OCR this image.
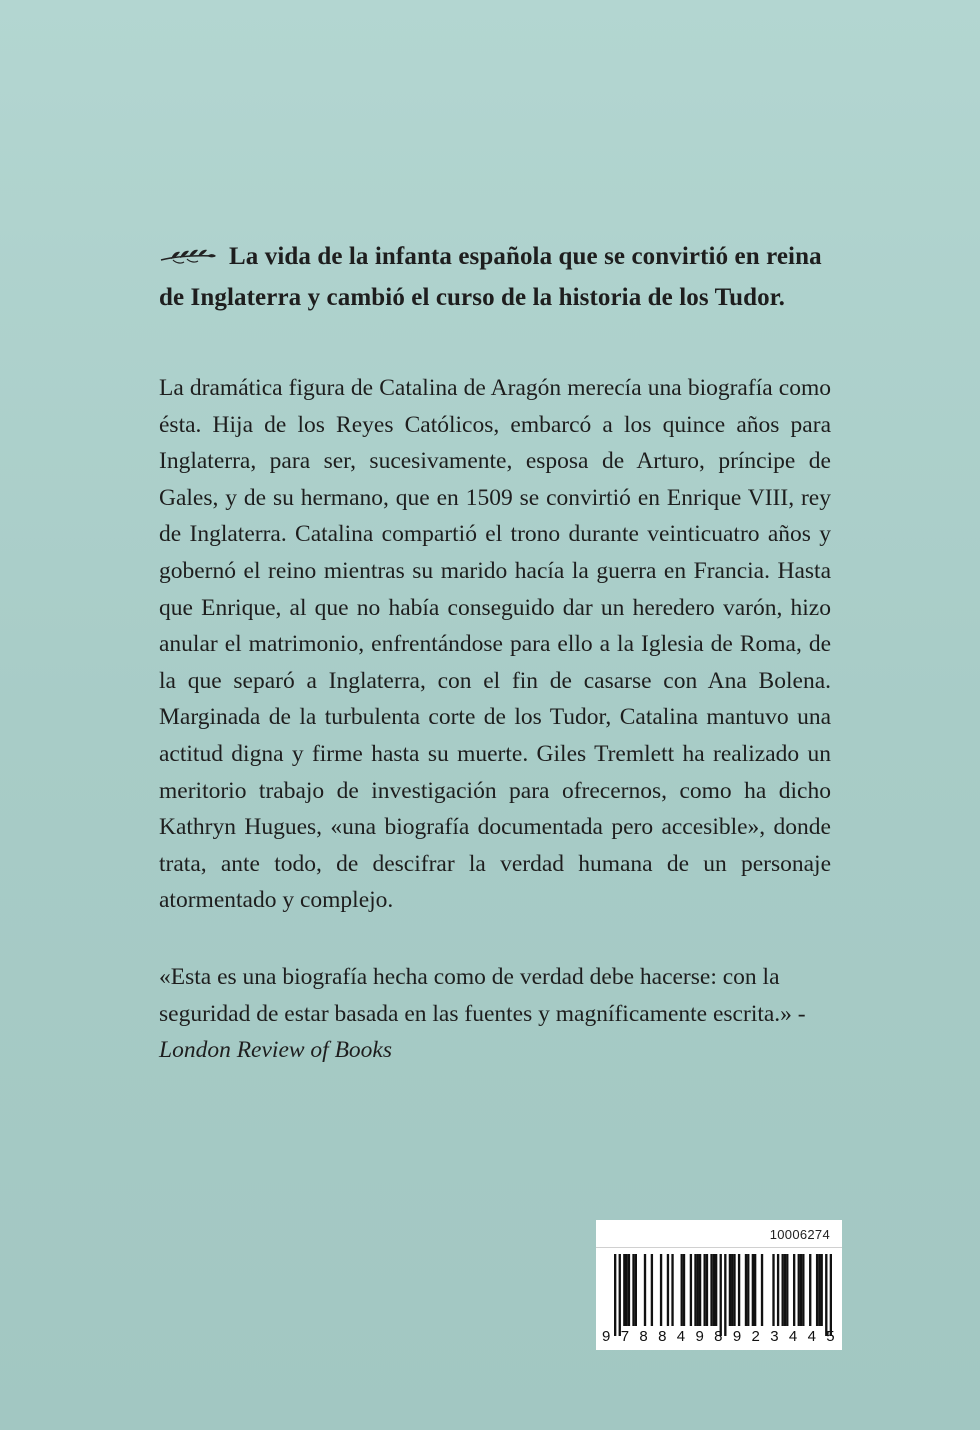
La vida de la infanta española que se convirtió en reina de Inglaterra y cambió el curso de la historia de los Tudor.

La dramática figura de Catalina de Aragón merecía una biografía como ésta. Hija de los Reyes Católicos, embarcó a los quince años para Inglaterra, para ser, sucesivamente, esposa de Arturo, príncipe de Gales, y de su hermano, que en 1509 se convirtió en Enrique VIII, rey de Inglaterra. Catalina compartió el trono durante veinticuatro años y gobernó el reino mientras su marido hacía la guerra en Francia. Hasta que Enrique, al que no había conseguido dar un heredero varón, hizo anular el matrimonio, enfrentándose para ello a la Iglesia de Roma, de la que separó a Inglaterra, con el fin de casarse con Ana Bolena. Marginada de la turbulenta corte de los Tudor, Catalina mantuvo una actitud digna y firme hasta su muerte. Giles Tremlett ha realizado un meritorio trabajo de investigación para ofrecernos, como ha dicho Kathryn Hugues, «una biografía documentada pero accesible», donde trata, ante todo, de descifrar la verdad humana de un personaje atormentado y complejo.

«Esta es una biografía hecha como de verdad debe hacerse: con la seguridad de estar basada en las fuentes y magníficamente escrita.» - London Review of Books

10006274
9 7 8 8 4 9 8 9 2 3 4 4 5
